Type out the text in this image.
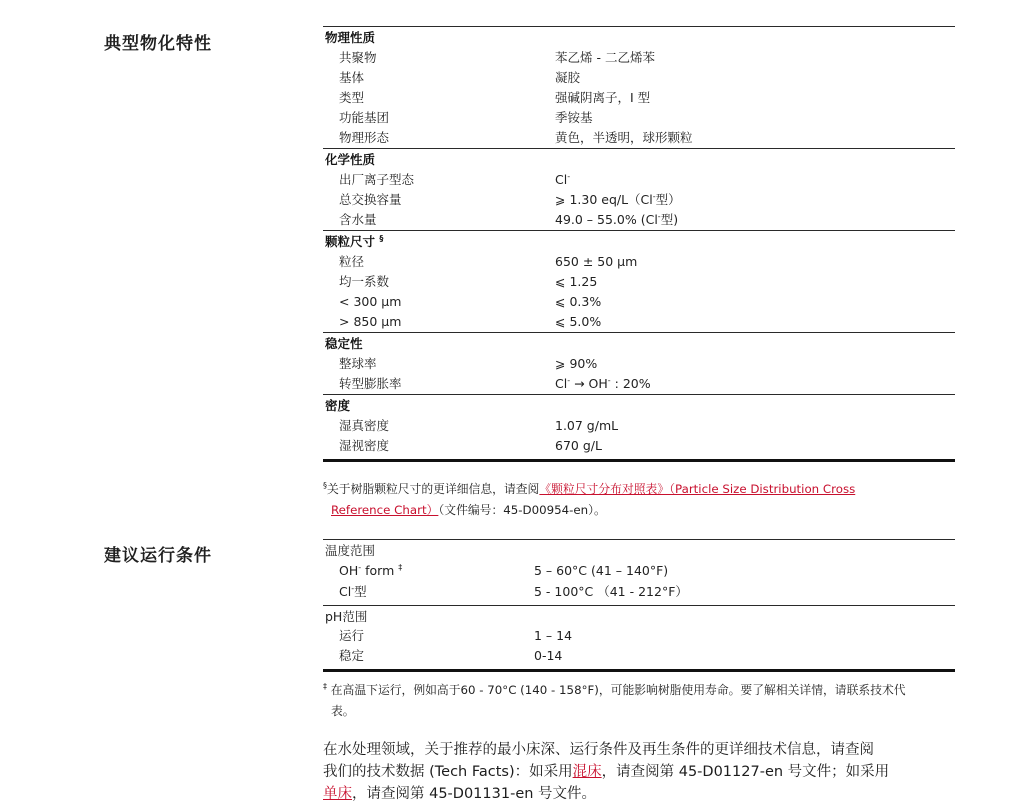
典型物化特性	物理性质
共聚物	苯乙烯 - 二乙烯苯
基体	凝胶
类型	强碱阴离子，I 型
功能基团	季铵基
物理形态	黄色，半透明，球形颗粒
化学性质
出厂离子型态	Cl-
总交换容量	⩾ 1.30 eq/L（Cl-型）
含水量	49.0 – 55.0% (Cl-型)
颗粒尺寸 §
粒径	650 ± 50 µm
均一系数	⩽ 1.25
< 300 µm	⩽ 0.3%
> 850 µm	⩽ 5.0%
稳定性
整球率	⩾ 90%
转型膨胀率	Cl- → OH- : 20%
密度
湿真密度	1.07 g/mL
湿视密度	670 g/L
§关于树脂颗粒尺寸的更详细信息，请查阅《颗粒尺寸分布对照表》（Particle Size Distribution Cross
Reference Chart）（文件编号：45-D00954-en）。
建议运行条件	温度范围
OH- form ‡	5 – 60°C (41 – 140°F)
Cl-型	5 - 100°C （41 - 212°F）
pH范围
运行	1 – 14
稳定	0-14
‡ 在高温下运行，例如高于60 - 70°C (140 - 158°F)，可能影响树脂使用寿命。要了解相关详情，请联系技术代
表。
在水处理领域，关于推荐的最小床深、运行条件及再生条件的更详细技术信息，请查阅
我们的技术数据 (Tech Facts)：如采用混床，请查阅第 45-D01127-en 号文件；如采用
单床，请查阅第 45-D01131-en 号文件。
